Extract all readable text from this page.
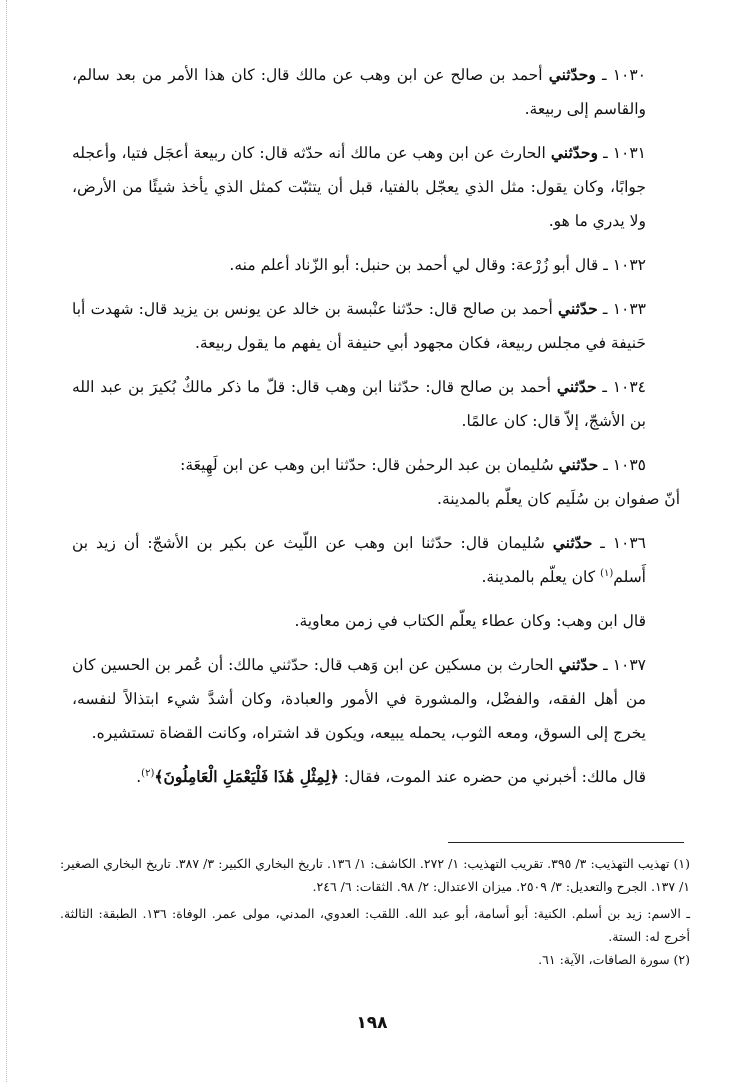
١٠٣٠ ـ وحدّثني أحمد بن صالح عن ابن وهب عن مالك قال: كان هذا الأمر من بعد سالم، والقاسم إلى ربيعة.

١٠٣١ ـ وحدّثني الحارث عن ابن وهب عن مالك أنه حدّثه قال: كان ربيعة أعجَل فتيا، وأعجله جوابًا، وكان يقول: مثل الذي يعجّل بالفتيا، قبل أن يتثبّت كمثل الذي يأخذ شيئًا من الأرض، ولا يدري ما هو.

١٠٣٢ ـ قال أبو زُرْعة: وقال لي أحمد بن حنبل: أبو الزّناد أعلم منه.

١٠٣٣ ـ حدّثني أحمد بن صالح قال: حدّثنا عنْبسة بن خالد عن يونس بن يزيد قال: شهدت أبا حَنيفة في مجلس ربيعة، فكان مجهود أبي حنيفة أن يفهم ما يقول ربيعة.

١٠٣٤ ـ حدّثني أحمد بن صالح قال: حدّثنا ابن وهب قال: قلّ ما ذكر مالكٌ بُكيرَ بن عبد الله بن الأشجّ، إلاّ قال: كان عالمًا.

١٠٣٥ ـ حدّثني سُليمان بن عبد الرحمٰن قال: حدّثنا ابن وهب عن ابن لَهِيعَة:

أنّ صفوان بن سُلَيم كان يعلّم بالمدينة.

١٠٣٦ ـ حدّثني سُليمان قال: حدّثنا ابن وهب عن اللّيث عن بكير بن الأشجّ: أن زيد بن أَسلم$^{(١)}$ كان يعلّم بالمدينة.

قال ابن وهب: وكان عطاء يعلّم الكتاب في زمن معاوية.

١٠٣٧ ـ حدّثني الحارث بن مسكين عن ابن وَهب قال: حدّثني مالك: أن عُمر بن الحسين كان من أهل الفقه، والفضْل، والمشورة في الأمور والعبادة، وكان أشدَّ شيء ابتذالاً لنفسه، يخرج إلى السوق، ومعه الثوب، يحمله يبيعه، ويكون قد اشتراه، وكانت القضاة تستشيره.

قال مالك: أخبرني من حضره عند الموت، فقال: ﴿لِمِثْلِ هَٰذَا فَلْيَعْمَلِ الْعَامِلُونَ﴾$^{(٢)}$.

(١) تهذيب التهذيب: ٣/ ٣٩٥. تقريب التهذيب: ١/ ٢٧٢. الكاشف: ١/ ١٣٦. تاريخ البخاري الكبير: ٣/ ٣٨٧. تاريخ البخاري الصغير: ١/ ١٣٧. الجرح والتعديل: ٣/ ٢٥٠٩. ميزان الاعتدال: ٢/ ٩٨. الثقات: ٦/ ٢٤٦.

ـ الاسم: زيد بن أسلم. الكنية: أبو أسامة، أبو عبد الله. اللقب: العدوي، المدني، مولى عمر. الوفاة: ١٣٦. الطبقة: الثالثة. أخرج له: الستة.

(٢) سورة الصافات، الآية: ٦١.

١٩٨
